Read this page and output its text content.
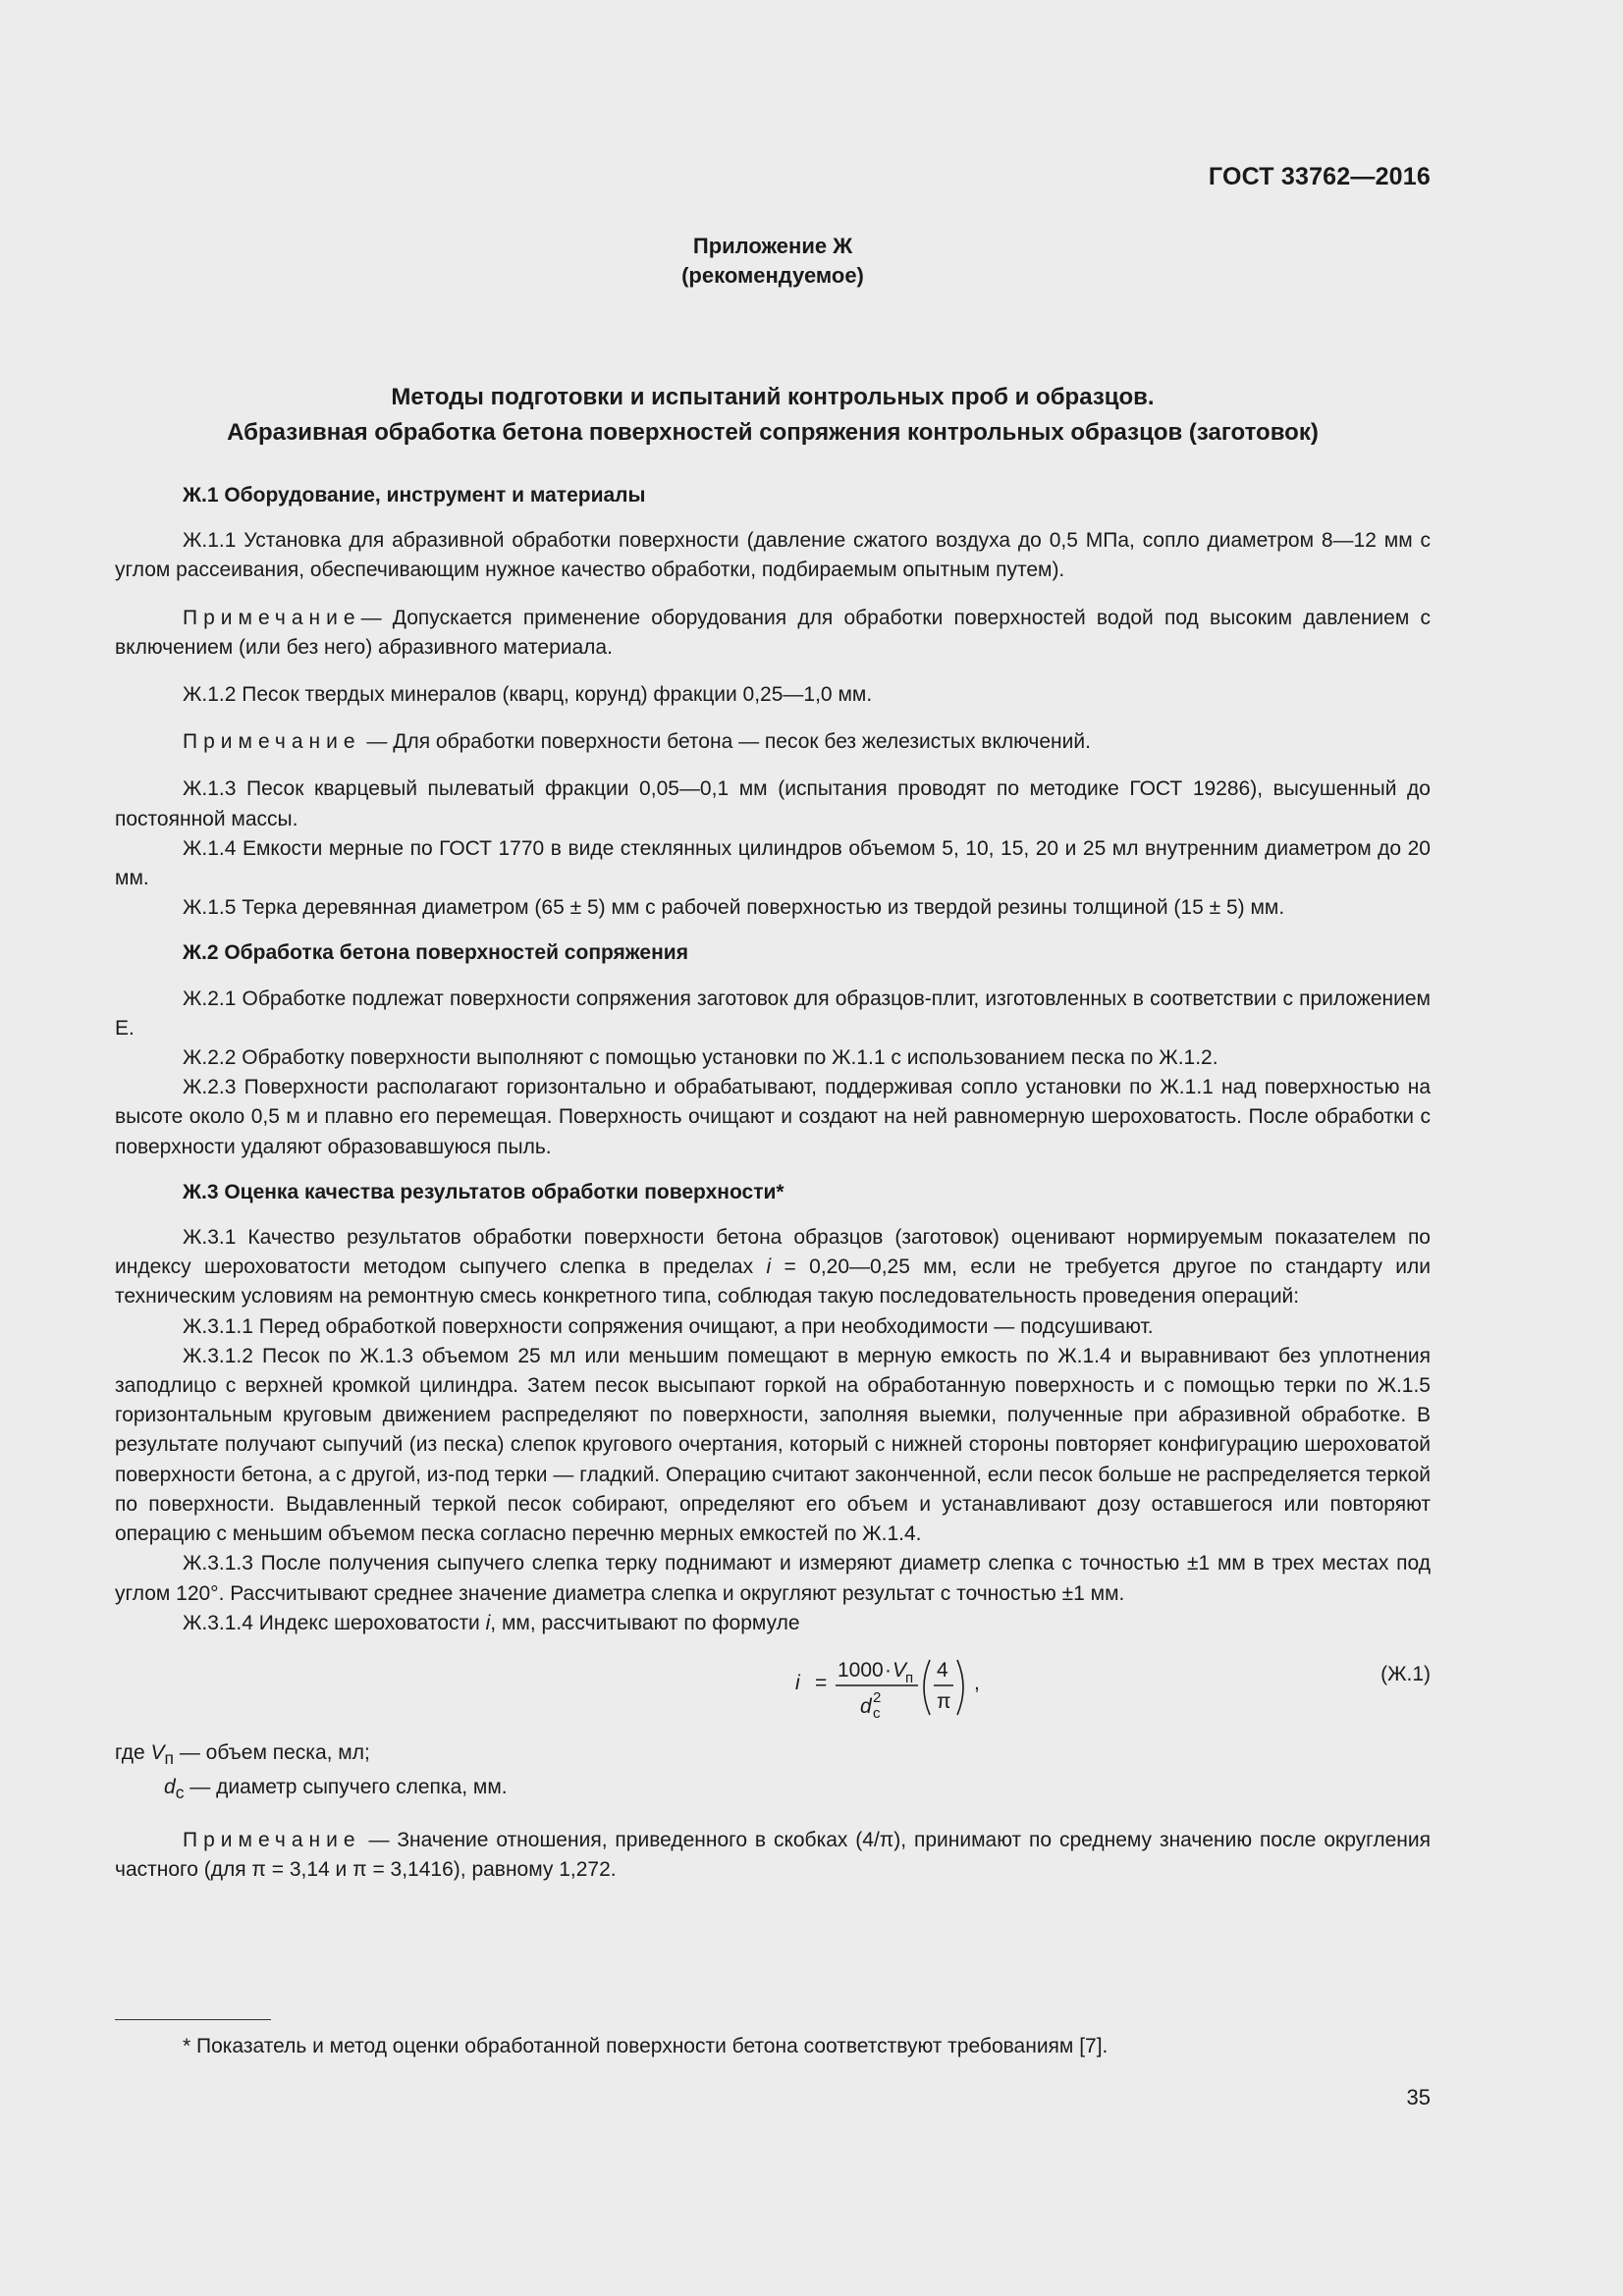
ГОСТ 33762—2016
Приложение Ж
(рекомендуемое)
Методы подготовки и испытаний контрольных проб и образцов.
Абразивная обработка бетона поверхностей сопряжения контрольных образцов (заготовок)

Ж.1 Оборудование, инструмент и материалы

Ж.1.1 Установка для абразивной обработки поверхности (давление сжатого воздуха до 0,5 МПа, сопло диаметром 8—12 мм с углом рассеивания, обеспечивающим нужное качество обработки, подбираемым опытным путем).

Примечание— Допускается применение оборудования для обработки поверхностей водой под высоким давлением с включением (или без него) абразивного материала.

Ж.1.2 Песок твердых минералов (кварц, корунд) фракции 0,25—1,0 мм.

Примечание — Для обработки поверхности бетона — песок без железистых включений.

Ж.1.3 Песок кварцевый пылеватый фракции 0,05—0,1 мм (испытания проводят по методике ГОСТ 19286), высушенный до постоянной массы.

Ж.1.4 Емкости мерные по ГОСТ 1770 в виде стеклянных цилиндров объемом 5, 10, 15, 20 и 25 мл внутренним диаметром до 20 мм.

Ж.1.5 Терка деревянная диаметром (65 ± 5) мм с рабочей поверхностью из твердой резины толщиной (15 ± 5) мм.

Ж.2 Обработка бетона поверхностей сопряжения

Ж.2.1 Обработке подлежат поверхности сопряжения заготовок для образцов-плит, изготовленных в соответствии с приложением Е.

Ж.2.2 Обработку поверхности выполняют с помощью установки по Ж.1.1 с использованием песка по Ж.1.2.

Ж.2.3 Поверхности располагают горизонтально и обрабатывают, поддерживая сопло установки по Ж.1.1 над поверхностью на высоте около 0,5 м и плавно его перемещая. Поверхность очищают и создают на ней равномерную шероховатость. После обработки с поверхности удаляют образовавшуюся пыль.

Ж.3 Оценка качества результатов обработки поверхности*

Ж.3.1 Качество результатов обработки поверхности бетона образцов (заготовок) оценивают нормируемым показателем по индексу шероховатости методом сыпучего слепка в пределах i = 0,20—0,25 мм, если не требуется другое по стандарту или техническим условиям на ремонтную смесь конкретного типа, соблюдая такую последовательность проведения операций:

Ж.3.1.1 Перед обработкой поверхности сопряжения очищают, а при необходимости — подсушивают.

Ж.3.1.2 Песок по Ж.1.3 объемом 25 мл или меньшим помещают в мерную емкость по Ж.1.4 и выравнивают без уплотнения заподлицо с верхней кромкой цилиндра. Затем песок высыпают горкой на обработанную поверхность и с помощью терки по Ж.1.5 горизонтальным круговым движением распределяют по поверхности, заполняя выемки, полученные при абразивной обработке. В результате получают сыпучий (из песка) слепок кругового очертания, который с нижней стороны повторяет конфигурацию шероховатой поверхности бетона, а с другой, из-под терки — гладкий. Операцию считают законченной, если песок больше не распределяется теркой по поверхности. Выдавленный теркой песок собирают, определяют его объем и устанавливают дозу оставшегося или повторяют операцию с меньшим объемом песка согласно перечню мерных емкостей по Ж.1.4.

Ж.3.1.3 После получения сыпучего слепка терку поднимают и измеряют диаметр слепка с точностью ±1 мм в трех местах под углом 120°. Рассчитывают среднее значение диаметра слепка и округляют результат с точностью ±1 мм.

Ж.3.1.4 Индекс шероховатости i, мм, рассчитывают по формуле

i =
1000 · V
п
d 2
с
4
π
,	(Ж.1)

где $V_п$ — объем песка, мл;

$d_с$ — диаметр сыпучего слепка, мм.

Примечание — Значение отношения, приведенного в скобках (4/π), принимают по среднему значению после округления частного (для π = 3,14 и π = 3,1416), равному 1,272.

* Показатель и метод оценки обработанной поверхности бетона соответствуют требованиям [7].
35
